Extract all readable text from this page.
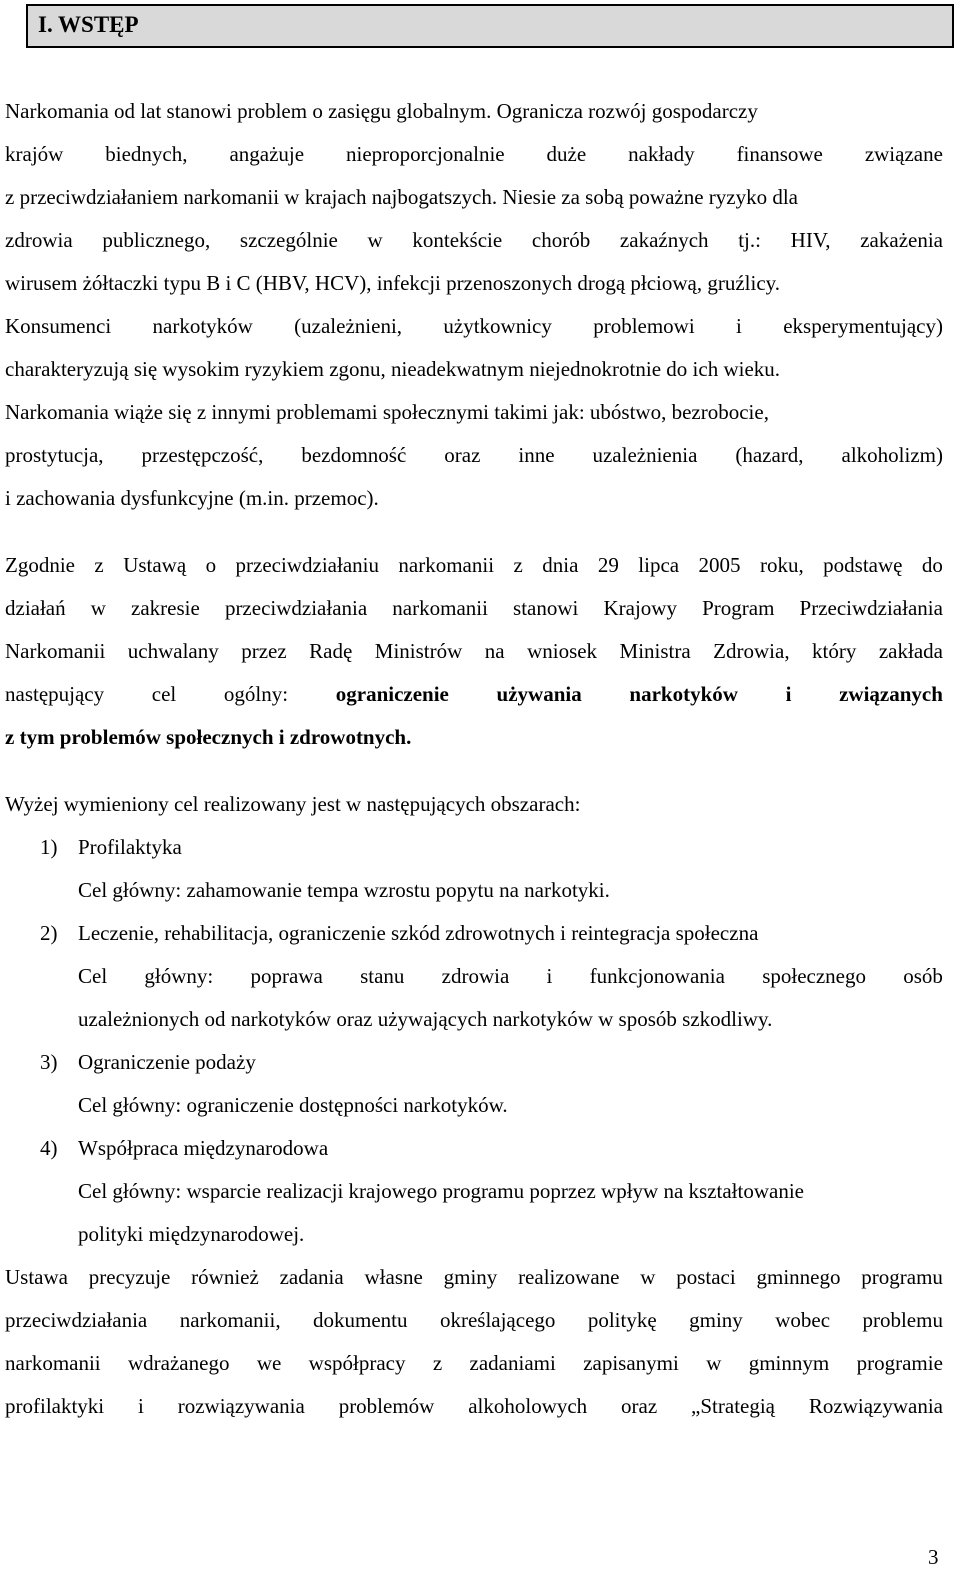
I. WSTĘP
Narkomania od lat stanowi problem o zasięgu globalnym. Ogranicza rozwój gospodarczy
krajów biednych, angażuje nieproporcjonalnie duże nakłady finansowe związane
z przeciwdziałaniem narkomanii w krajach najbogatszych. Niesie za sobą poważne ryzyko dla
zdrowia publicznego, szczególnie w kontekście chorób zakaźnych tj.: HIV, zakażenia
wirusem żółtaczki typu B i C (HBV, HCV), infekcji przenoszonych drogą płciową, gruźlicy.
Konsumenci narkotyków (uzależnieni, użytkownicy problemowi i eksperymentujący)
charakteryzują się wysokim ryzykiem zgonu, nieadekwatnym niejednokrotnie do ich wieku.
Narkomania wiąże się z innymi problemami społecznymi takimi jak: ubóstwo, bezrobocie,
prostytucja, przestępczość, bezdomność oraz inne uzależnienia (hazard, alkoholizm)
i zachowania dysfunkcyjne (m.in. przemoc).
Zgodnie z Ustawą o przeciwdziałaniu narkomanii z dnia 29 lipca 2005 roku, podstawę do
działań w zakresie przeciwdziałania narkomanii stanowi Krajowy Program Przeciwdziałania
Narkomanii uchwalany przez Radę Ministrów na wniosek Ministra Zdrowia, który zakłada
następujący cel ogólny: ograniczenie używania narkotyków i związanych
z tym problemów społecznych i zdrowotnych.
Wyżej wymieniony cel realizowany jest w następujących obszarach:
1) Profilaktyka
Cel główny: zahamowanie tempa wzrostu popytu na narkotyki.
2) Leczenie, rehabilitacja, ograniczenie szkód zdrowotnych i reintegracja społeczna
Cel główny: poprawa stanu zdrowia i funkcjonowania społecznego osób
uzależnionych od narkotyków oraz używających narkotyków w sposób szkodliwy.
3) Ograniczenie podaży
Cel główny: ograniczenie dostępności narkotyków.
4) Współpraca międzynarodowa
Cel główny: wsparcie realizacji krajowego programu poprzez wpływ na kształtowanie
polityki międzynarodowej.
Ustawa precyzuje również zadania własne gminy realizowane w postaci gminnego programu
przeciwdziałania narkomanii, dokumentu określającego politykę gminy wobec problemu
narkomanii wdrażanego we współpracy z zadaniami zapisanymi w gminnym programie
profilaktyki i rozwiązywania problemów alkoholowych oraz „Strategią Rozwiązywania
3
